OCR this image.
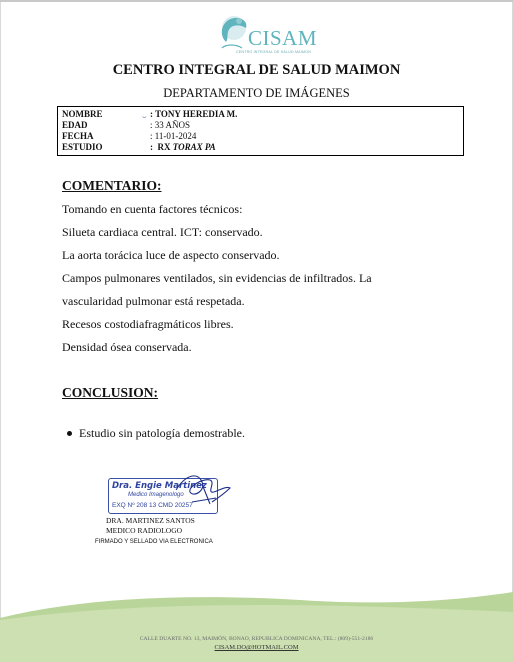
CISAM
CENTRO INTEGRAL DE SALUD MAIMON
CENTRO INTEGRAL DE SALUD MAIMON
DEPARTAMENTO DE IMÁGENES
NOMBRE	: TONY HEREDIA M.
EDAD	: 33 AÑOS
FECHA	: 11-01-2024
ESTUDIO	:  RX TORAX PA
⌣
COMENTARIO:
Tomando en cuenta factores técnicos:
Silueta cardiaca central. ICT: conservado.
La aorta torácica luce de aspecto conservado.
Campos pulmonares ventilados, sin evidencias de infiltrados. La
vascularidad pulmonar está respetada.
Recesos costodiafragmáticos libres.
Densidad ósea conservada.
CONCLUSION:
Estudio sin patología demostrable.
Dra. Engie Martinez
Medico Imagenologo
EXQ Nº 208 13 CMD 20257
DRA. MARTINEZ SANTOS
MEDICO RADIOLOGO
FIRMADO Y SELLADO VIA ELECTRONICA
CALLE DUARTE NO. 13, MAIMÓN, BONAO, REPUBLICA DOMINICANA, TEL.: (809)-551-2186
CISAM.DO@HOTMAIL.COM
